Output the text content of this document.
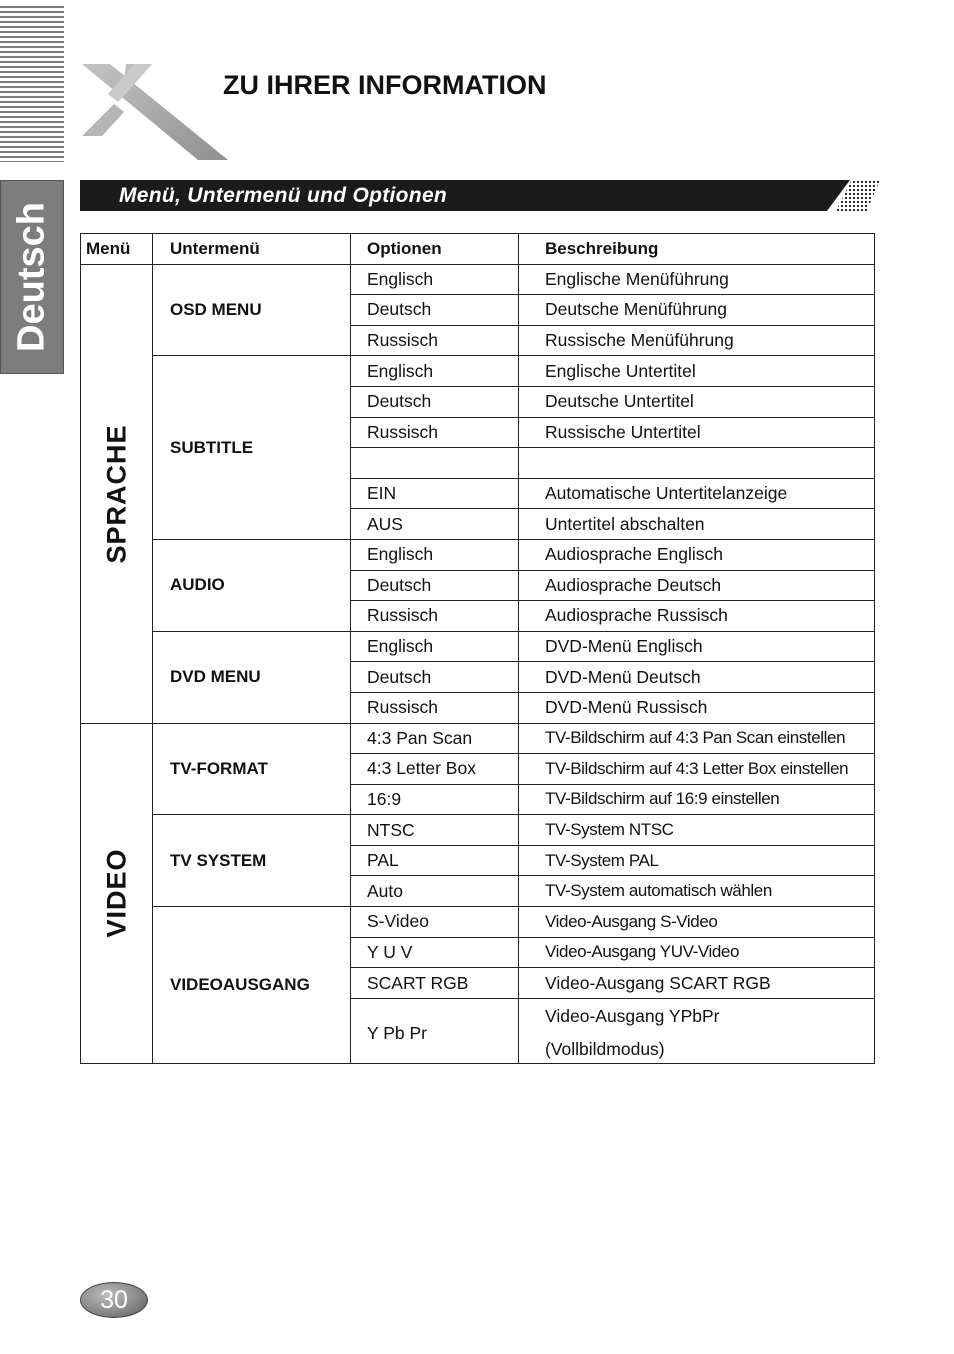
Deutsch
ZU IHRER INFORMATION
Menü, Untermenü und Optionen
Menü	Untermenü	Optionen	Beschreibung

SPRACHE	OSD MENU	Englisch	Englische Menüführung
		Deutsch	Deutsche Menüführung
		Russisch	Russische Menüführung
	SUBTITLE	Englisch	Englische Untertitel
		Deutsch	Deutsche Untertitel
		Russisch	Russische Untertitel

		EIN	Automatische Untertitelanzeige
		AUS	Untertitel abschalten
	AUDIO	Englisch	Audiosprache Englisch
		Deutsch	Audiosprache Deutsch
		Russisch	Audiosprache Russisch
	DVD MENU	Englisch	DVD-Menü Englisch
		Deutsch	DVD-Menü Deutsch
		Russisch	DVD-Menü Russisch

VIDEO	TV-FORMAT	4:3 Pan Scan	TV-Bildschirm auf 4:3 Pan Scan einstellen
		4:3 Letter Box	TV-Bildschirm auf 4:3 Letter Box einstellen
		16:9	TV-Bildschirm auf 16:9 einstellen
	TV SYSTEM	NTSC	TV-System NTSC
		PAL	TV-System PAL
		Auto	TV-System automatisch wählen
	VIDEOAUSGANG	S-Video	Video-Ausgang S-Video
		Y U V	Video-Ausgang YUV-Video
		SCART RGB	Video-Ausgang SCART RGB
		Y Pb Pr	Video-Ausgang YPbPr
(Vollbildmodus)
30
